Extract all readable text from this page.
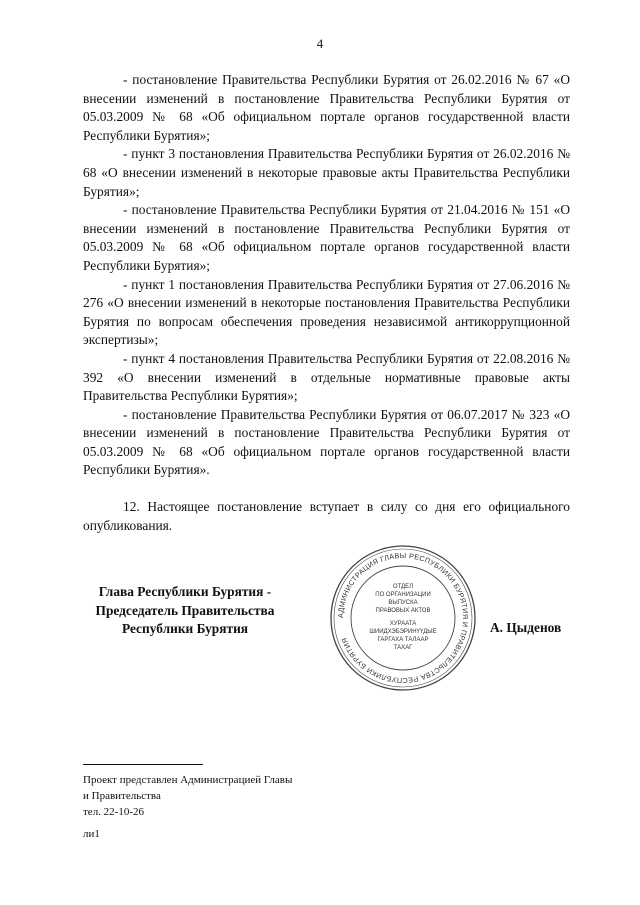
4

- постановление Правительства Республики Бурятия от 26.02.2016 № 67 «О внесении изменений в постановление Правительства Республики Бурятия от 05.03.2009 № 68 «Об официальном портале органов государственной власти Республики Бурятия»;

- пункт 3 постановления Правительства Республики Бурятия от 26.02.2016 № 68 «О внесении изменений в некоторые правовые акты Правительства Республики Бурятия»;

- постановление Правительства Республики Бурятия от 21.04.2016 № 151 «О внесении изменений в постановление Правительства Республики Бурятия от 05.03.2009 № 68 «Об официальном портале органов государственной власти Республики Бурятия»;

- пункт 1 постановления Правительства Республики Бурятия от 27.06.2016 № 276 «О внесении изменений в некоторые постановления Правительства Республики Бурятия по вопросам обеспечения проведения независимой антикоррупционной экспертизы»;

- пункт 4 постановления Правительства Республики Бурятия от 22.08.2016 № 392 «О внесении изменений в отдельные нормативные правовые акты Правительства Республики Бурятия»;

- постановление Правительства Республики Бурятия от 06.07.2017 № 323 «О внесении изменений в постановление Правительства Республики Бурятия от 05.03.2009 № 68 «Об официальном портале органов государственной власти Республики Бурятия».

12. Настоящее постановление вступает в силу со дня его официального опубликования.

Глава Республики Бурятия -
Председатель Правительства
Республики Бурятия
АДМИНИСТРАЦИЯ ГЛАВЫ РЕСПУБЛИКИ БУРЯТИЯ И ПРАВИТЕЛЬСТВА РЕСПУБЛИКИ БУРЯТИЯ
ОТДЕЛ
ПО ОРГАНИЗАЦИИ
ВЫПУСКА
ПРАВОВЫХ АКТОВ
ХУРААТА
ШИИДХЭБЭРИНҮҮДЫЕ
ГАРГАХА ТАЛААР
ТАХАГ
А. Цыденов
Проект представлен Администрацией Главы
и Правительства
тел. 22-10-26
ли1
